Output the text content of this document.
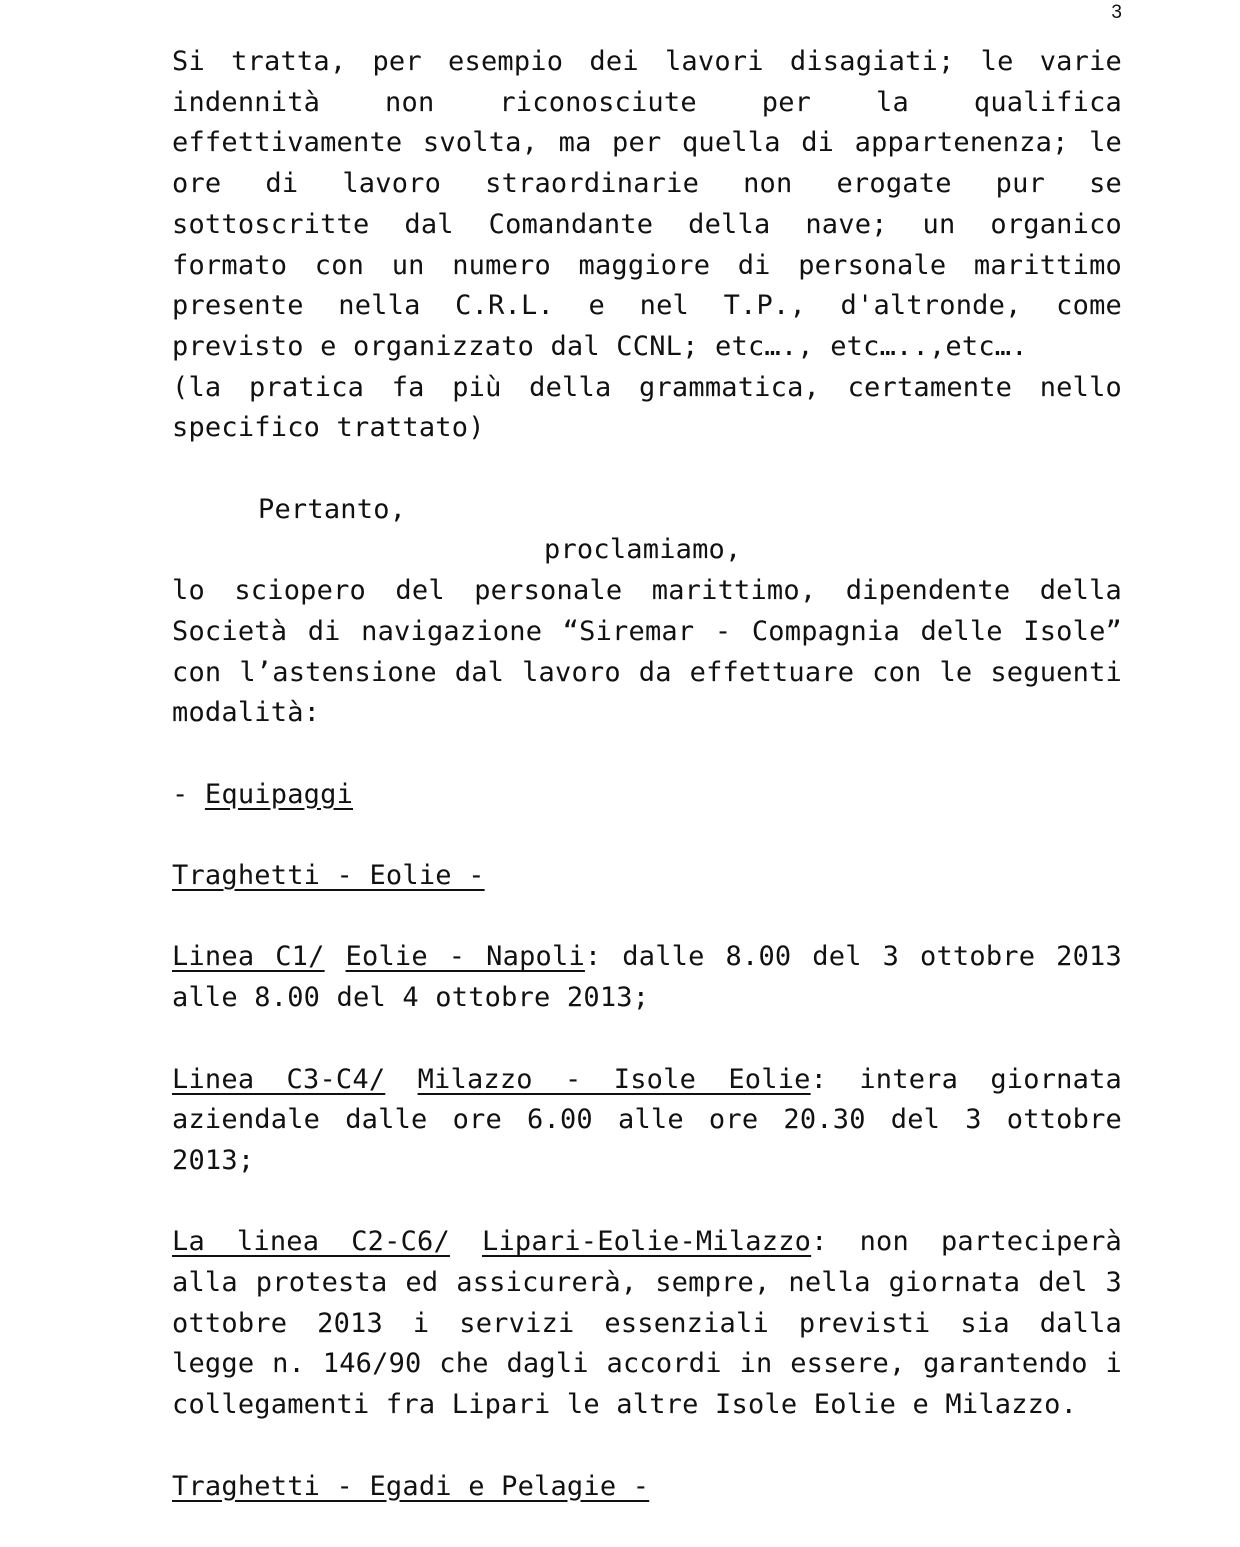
3

Si tratta, per esempio dei lavori disagiati; le varie indennità non riconosciute per la qualifica effettivamente svolta, ma per quella di appartenenza; le ore di lavoro straordinarie non erogate pur se sottoscritte dal Comandante della nave; un organico formato con un numero maggiore di personale marittimo presente nella C.R.L. e nel T.P., d'altronde, come previsto e organizzato dal CCNL; etc…., etc…..,etc….

(la pratica fa più della grammatica, certamente nello specifico trattato)

Pertanto,

proclamiamo,

lo sciopero del personale marittimo, dipendente della Società di navigazione “Siremar - Compagnia delle Isole” con l’astensione dal lavoro da effettuare con le seguenti modalità:

- Equipaggi

Traghetti - Eolie -

Linea C1/ Eolie - Napoli: dalle 8.00 del 3 ottobre 2013 alle 8.00 del 4 ottobre 2013;

Linea C3-C4/ Milazzo - Isole Eolie: intera giornata aziendale dalle ore 6.00 alle ore 20.30 del 3 ottobre 2013;

La linea C2-C6/ Lipari-Eolie-Milazzo: non parteciperà alla protesta ed assicurerà, sempre, nella giornata del 3 ottobre 2013 i servizi essenziali previsti sia dalla legge n. 146/90 che dagli accordi in essere, garantendo i collegamenti fra Lipari le altre Isole Eolie e Milazzo.

Traghetti - Egadi e Pelagie -
